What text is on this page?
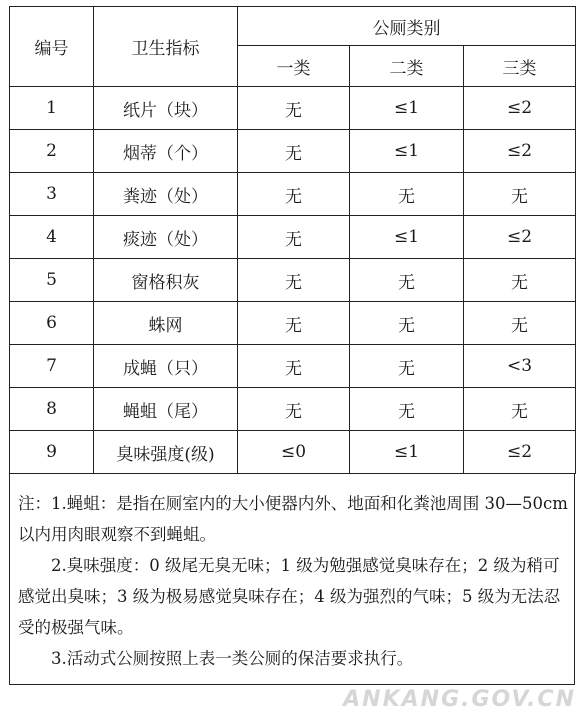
编号	卫生指标	公厕类别		
		一类	二类	三类
1	纸片（块）	无	≤1	≤2
2	烟蒂（个）	无	≤1	≤2
3	粪迹（处）	无	无	无
4	痰迹（处）	无	≤1	≤2
5	窗格积灰	无	无	无
6	蛛网	无	无	无
7	成蝇（只）	无	无	<3
8	蝇蛆（尾）	无	无	无
9	臭味强度(级)	≤0	≤1	≤2

注：1.蝇蛆：是指在厕室内的大小便器内外、地面和化粪池周围 30—50cm 以内用肉眼观察不到蝇蛆。

2.臭味强度：0 级尾无臭无味；1 级为勉强感觉臭味存在；2 级为稍可感觉出臭味；3 级为极易感觉臭味存在；4 级为强烈的气味；5 级为无法忍受的极强气味。

3.活动式公厕按照上表一类公厕的保洁要求执行。

ANKANG.GOV.CN
